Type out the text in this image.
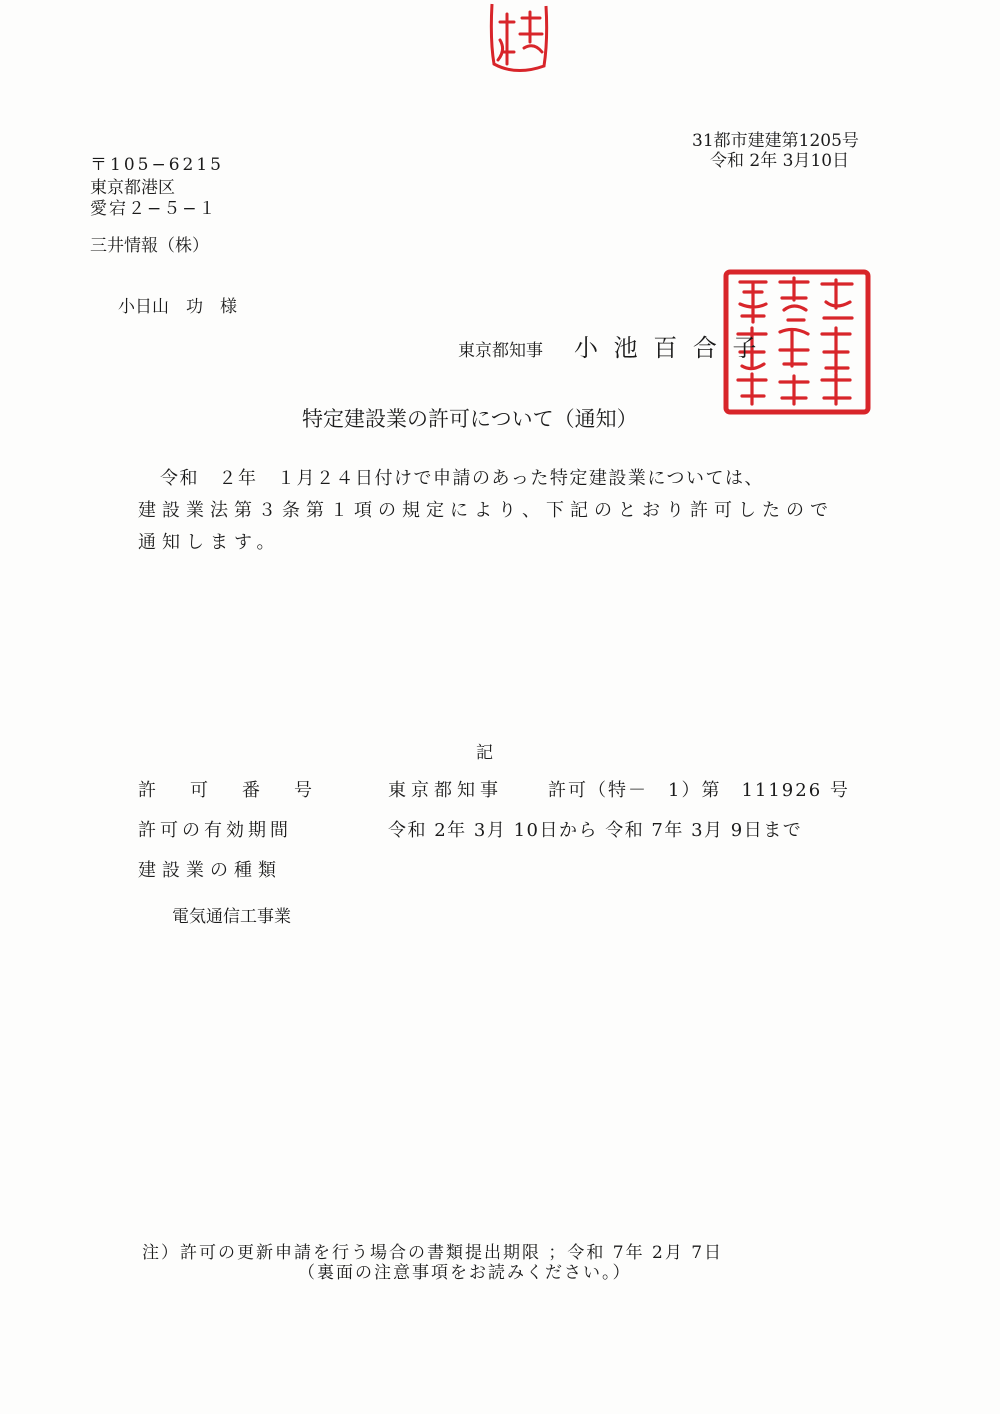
31都市建建第1205号
令和 2年 3月10日
〒105−6215
東京都港区
愛宕２−５−１
三井情報（株）
小日山　功　様
東京都知事 小 池 百 合 子
特定建設業の許可について（通知）
令和　２年　１月２４日付けで申請のあった特定建設業については、
建設業法第３条第１項の規定により、下記のとおり許可したので
通知します。
記
許　可　番　号	東京都知事	許可（特－　1）第　111926 号
許可の有効期間	令和 2年 3月 10日から 令和 7年 3月 9日まで
建設業の種類
電気通信工事業
注）許可の更新申請を行う場合の書類提出期限 ；令和 7年 2月 7日
（裏面の注意事項をお読みください。）
